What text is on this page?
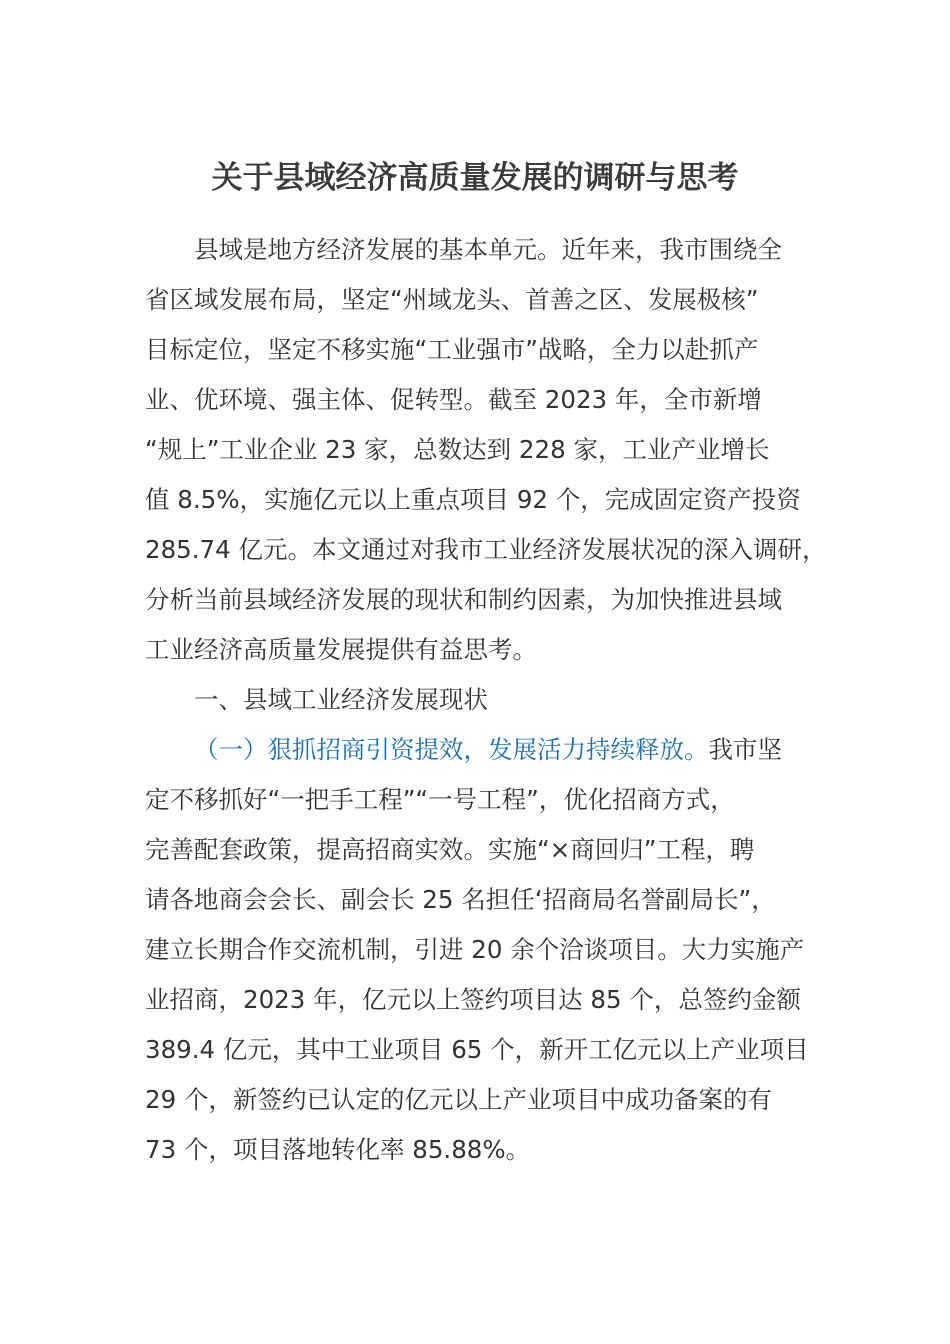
关于县域经济高质量发展的调研与思考
县域是地方经济发展的基本单元。近年来，我市围绕全
省区域发展布局，坚定“州域龙头、首善之区、发展极核”
目标定位，坚定不移实施“工业强市”战略，全力以赴抓产
业、优环境、强主体、促转型。截至 2023 年，全市新增
“规上”工业企业 23 家，总数达到 228 家，工业产业增长
值 8.5%，实施亿元以上重点项目 92 个，完成固定资产投资
285.74 亿元。本文通过对我市工业经济发展状况的深入调研，
分析当前县域经济发展的现状和制约因素，为加快推进县域
工业经济高质量发展提供有益思考。
一、县域工业经济发展现状
（一）狠抓招商引资提效，发展活力持续释放。我市坚
定不移抓好“一把手工程”“一号工程”，优化招商方式，
完善配套政策，提高招商实效。实施“×商回归”工程，聘
请各地商会会长、副会长 25 名担任‘招商局名誉副局长”，
建立长期合作交流机制，引进 20 余个洽谈项目。大力实施产
业招商，2023 年，亿元以上签约项目达 85 个，总签约金额
389.4 亿元，其中工业项目 65 个，新开工亿元以上产业项目
29 个，新签约已认定的亿元以上产业项目中成功备案的有
73 个，项目落地转化率 85.88%。
